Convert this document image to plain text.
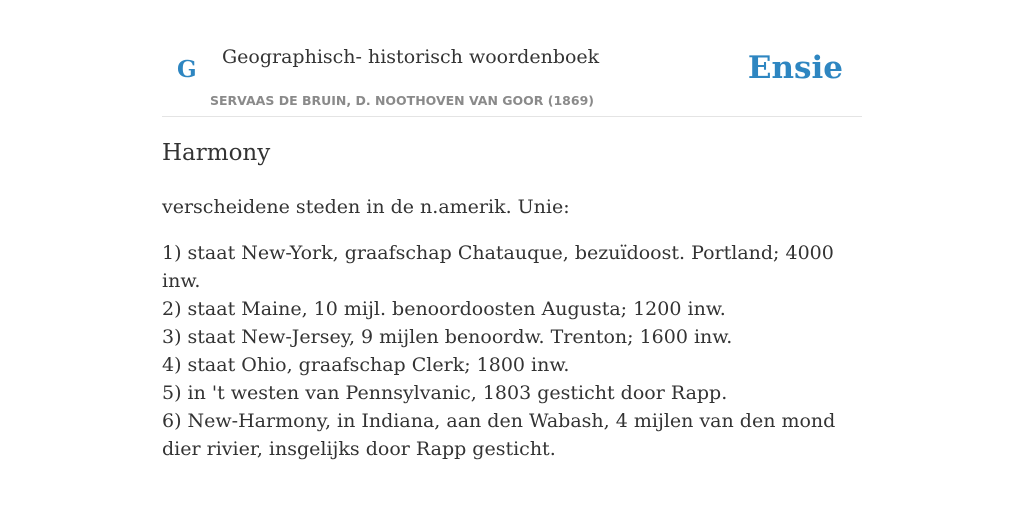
G Geographisch- historisch woordenboek
SERVAAS DE BRUIN, D. NOOTHOVEN VAN GOOR (1869)
Ensie
Harmony

verscheidene steden in de n.amerik. Unie:

1) staat New-York, graafschap Chatauque, bezuïdoost. Portland; 4000 inw.
2) staat Maine, 10 mijl. benoordoosten Augusta; 1200 inw.
3) staat New-Jersey, 9 mijlen benoordw. Trenton; 1600 inw.
4) staat Ohio, graafschap Clerk; 1800 inw.
5) in 't westen van Pennsylvanic, 1803 gesticht door Rapp.
6) New-Harmony, in Indiana, aan den Wabash, 4 mijlen van den mond dier rivier, insgelijks door Rapp gesticht.
